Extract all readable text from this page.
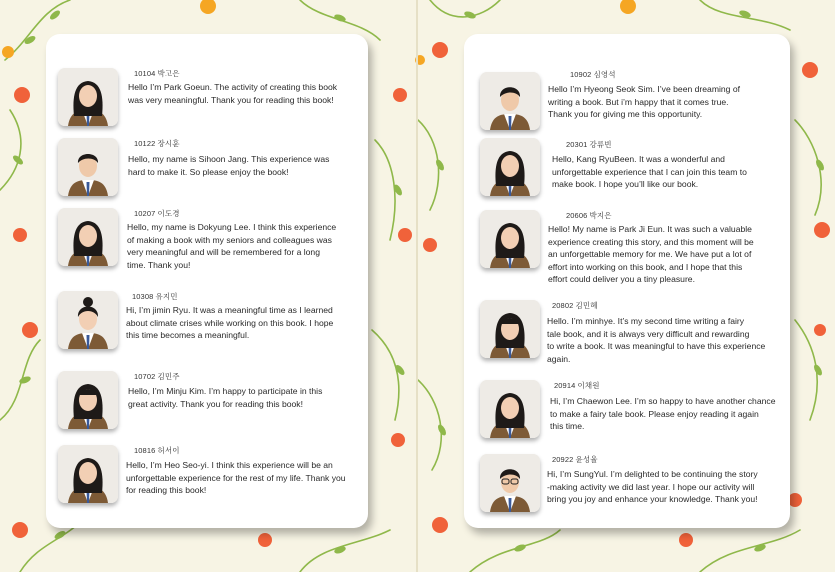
10104 박고은
Hello I’m Park Goeun. The activity of creating this book
was very meaningful. Thank you for reading this book!
10122 장시훈
Hello, my name is Sihoon Jang. This experience was
hard to make it. So please enjoy the book!
10207 이도경
Hello, my name is Dokyung Lee. I think this experience
of making a book with my seniors and colleagues was
very meaningful and will be remembered for a long
time. Thank you!
10308 유지민
Hi, I’m jimin Ryu. It was a meaningful time as I learned
about climate crises while working on this book. I hope
this time becomes a meaningful.
10702 김민주
Hello, I’m Minju Kim. I’m happy to participate in this
great activity. Thank you for reading this book!
10816 허서이
Hello, I’m Heo Seo-yi. I think this experience will be an
unforgettable experience for the rest of my life. Thank you
for reading this book!
10902 심영석
Hello I’m Hyeong Seok Sim. I’ve been dreaming of
writing a book. But i’m happy that it comes true.
Thank you for giving me this opportunity.
20301 강류빈
Hello, Kang RyuBeen. It was a wonderful and
unforgettable experience that I can join this team to
make book. I hope you’ll like our book.
20606 박지은
Hello! My name is Park Ji Eun. It was such a valuable
experience creating this story, and this moment will be
an unforgettable memory for me. We have put a lot of
effort into working on this book, and I hope that this
effort could deliver you a tiny pleasure.
20802 김민혜
Hello. I’m minhye. It’s my second time writing a fairy
tale book, and it is always very difficult and rewarding
to write a book. It was meaningful to have this experience
again.
20914 이채원
Hi, I’m Chaewon Lee. I’m so happy to have another chance
to make a fairy tale book. Please enjoy reading it again
this time.
20922 윤성율
Hi, I’m SungYul. I’m delighted to be continuing the story
-making activity we did last year. I hope our activity will
bring you joy and enhance your knowledge. Thank you!
